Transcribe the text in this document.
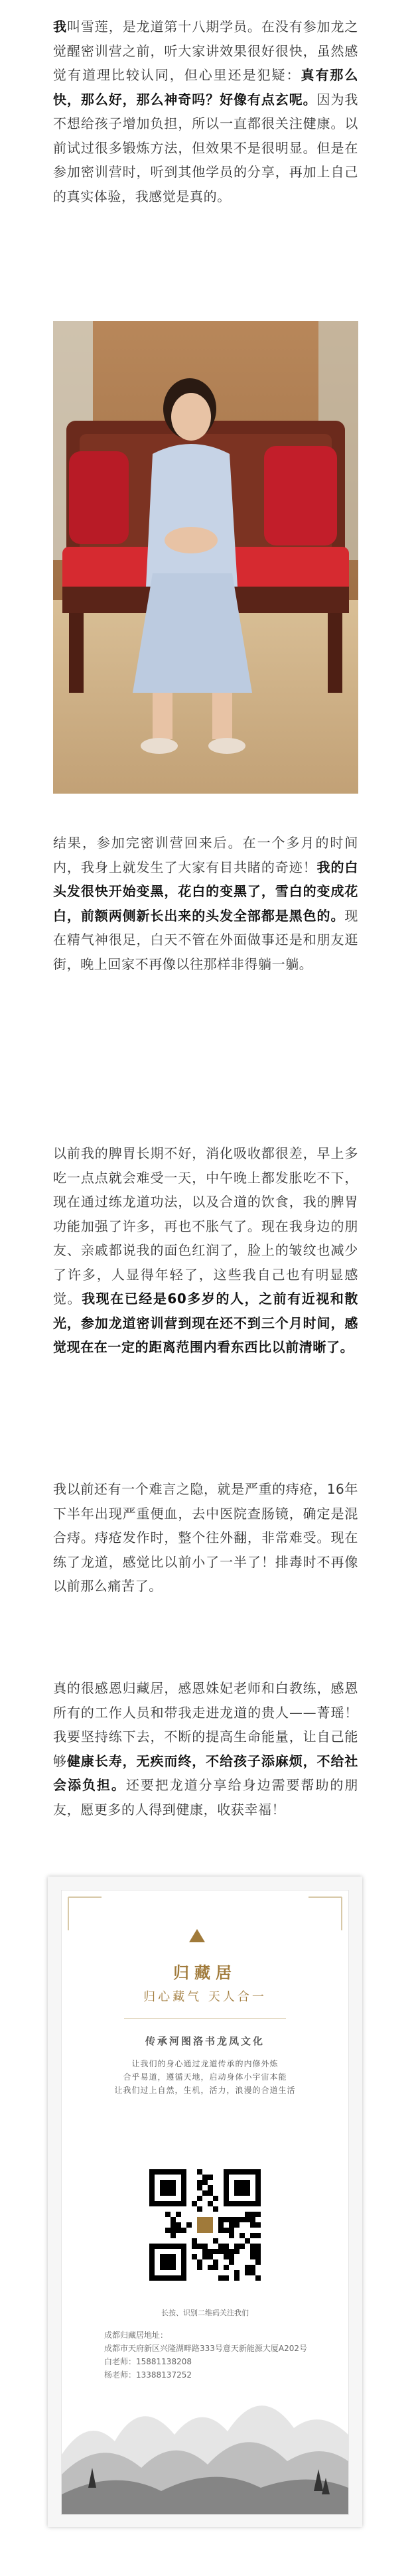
我叫雪莲，是龙道第十八期学员。在没有参加龙之觉醒密训营之前，听大家讲效果很好很快，虽然感觉有道理比较认同，但心里还是犯疑：真有那么快，那么好，那么神奇吗？好像有点玄呢。因为我不想给孩子增加负担，所以一直都很关注健康。以前试过很多锻炼方法，但效果不是很明显。但是在参加密训营时，听到其他学员的分享，再加上自己的真实体验，我感觉是真的。

结果，参加完密训营回来后。在一个多月的时间内，我身上就发生了大家有目共睹的奇迹！我的白头发很快开始变黑，花白的变黑了，雪白的变成花白，前额两侧新长出来的头发全部都是黑色的。现在精气神很足，白天不管在外面做事还是和朋友逛街，晚上回家不再像以往那样非得躺一躺。

以前我的脾胃长期不好，消化吸收都很差，早上多吃一点点就会难受一天，中午晚上都发胀吃不下，现在通过练龙道功法，以及合道的饮食，我的脾胃功能加强了许多，再也不胀气了。现在我身边的朋友、亲戚都说我的面色红润了，脸上的皱纹也减少了许多，人显得年轻了，这些我自己也有明显感觉。我现在已经是60多岁的人，之前有近视和散光，参加龙道密训营到现在还不到三个月时间，感觉现在在一定的距离范围内看东西比以前清晰了。

我以前还有一个难言之隐，就是严重的痔疮，16年下半年出现严重便血，去中医院查肠镜，确定是混合痔。痔疮发作时，整个往外翻，非常难受。现在练了龙道，感觉比以前小了一半了！排毒时不再像以前那么痛苦了。

真的很感恩归藏居，感恩姝妃老师和白教练，感恩所有的工作人员和带我走进龙道的贵人——菁瑶！我要坚持练下去，不断的提高生命能量，让自己能够健康长寿，无疾而终，不给孩子添麻烦，不给社会添负担。还要把龙道分享给身边需要帮助的朋友，愿更多的人得到健康，收获幸福！

归藏居

归心藏气 天人合一

传承河图洛书龙凤文化

让我们的身心通过龙道传承的内修外炼

合乎易道，遵循天地，启动身体小宇宙本能

让我们过上自然，生机，活力，浪漫的合道生活

长按、识别二维码关注我们

成都归藏居地址：

成都市天府新区兴隆湖畔路333号意天新能源大厦A202号

白老师：15881138208

杨老师：13388137252
